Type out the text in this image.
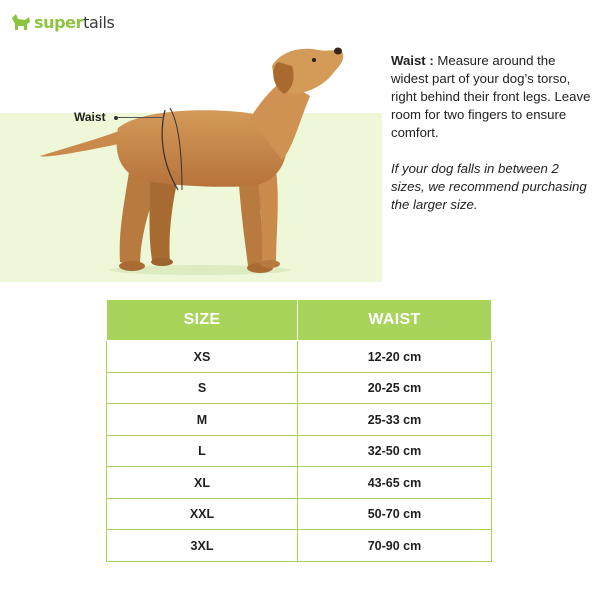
supertails
Waist

Waist : Measure around the widest part of your dog’s torso, right behind their front legs. Leave room for two fingers to ensure comfort.

If your dog falls in between 2 sizes, we recommend purchasing the larger size.

SIZE	WAIST
XS	12-20 cm
S	20-25 cm
M	25-33 cm
L	32-50 cm
XL	43-65 cm
XXL	50-70 cm
3XL	70-90 cm
